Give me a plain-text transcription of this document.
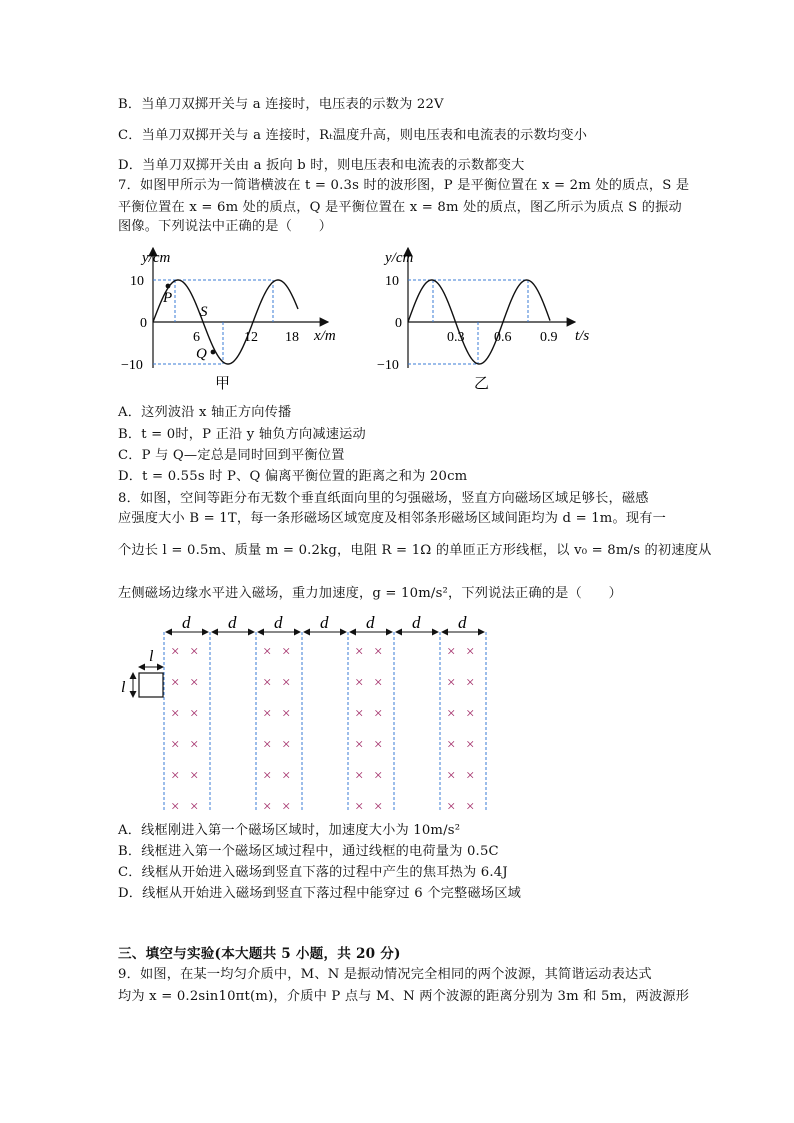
B．当单刀双掷开关与 a 连接时，电压表的示数为 22V
C．当单刀双掷开关与 a 连接时，Rₜ温度升高，则电压表和电流表的示数均变小
D．当单刀双掷开关由 a 扳向 b 时，则电压表和电流表的示数都变大
7．如图甲所示为一简谐横波在 t = 0.3s 时的波形图，P 是平衡位置在 x = 2m 处的质点，S 是
平衡位置在 x = 6m 处的质点，Q 是平衡位置在 x = 8m 处的质点，图乙所示为质点 S 的振动
图像。下列说法中正确的是（　　）
y/cm
10
0
−10
6	12 18 x/m
P
S
Q
甲
y/cm
10
0
−10
0.3 0.6 0.9 t/s
乙
A．这列波沿 x 轴正方向传播
B．t = 0时，P 正沿 y 轴负方向减速运动
C．P 与 Q—定总是同时回到平衡位置
D．t = 0.55s 时 P、Q 偏离平衡位置的距离之和为 20cm
8．如图，空间等距分布无数个垂直纸面向里的匀强磁场，竖直方向磁场区域足够长，磁感
应强度大小 B = 1T，每一条形磁场区域宽度及相邻条形磁场区域间距均为 d = 1m。现有一
个边长 l = 0.5m、质量 m = 0.2kg，电阻 R = 1Ω 的单匝正方形线框，以 v₀ = 8m/s 的初速度从
左侧磁场边缘水平进入磁场，重力加速度，g = 10m/s²，下列说法正确的是（　　）
× ×
× ×
× ×
× ×
× ×
× ×
× ×
× ×
× ×
× ×
× ×
× ×
× ×
× ×
× ×
× ×
× ×
× ×
× ×
× ×
× ×
× ×
× ×
× ×
d d d d d d d
l
l
A．线框刚进入第一个磁场区域时，加速度大小为 10m/s²
B．线框进入第一个磁场区域过程中，通过线框的电荷量为 0.5C
C．线框从开始进入磁场到竖直下落的过程中产生的焦耳热为 6.4J
D．线框从开始进入磁场到竖直下落过程中能穿过 6 个完整磁场区域
三、填空与实验(本大题共 5 小题，共 20 分)
9．如图，在某一均匀介质中，M、N 是振动情况完全相同的两个波源，其简谐运动表达式
均为 x = 0.2sin10πt(m)，介质中 P 点与 M、N 两个波源的距离分别为 3m 和 5m，两波源形
